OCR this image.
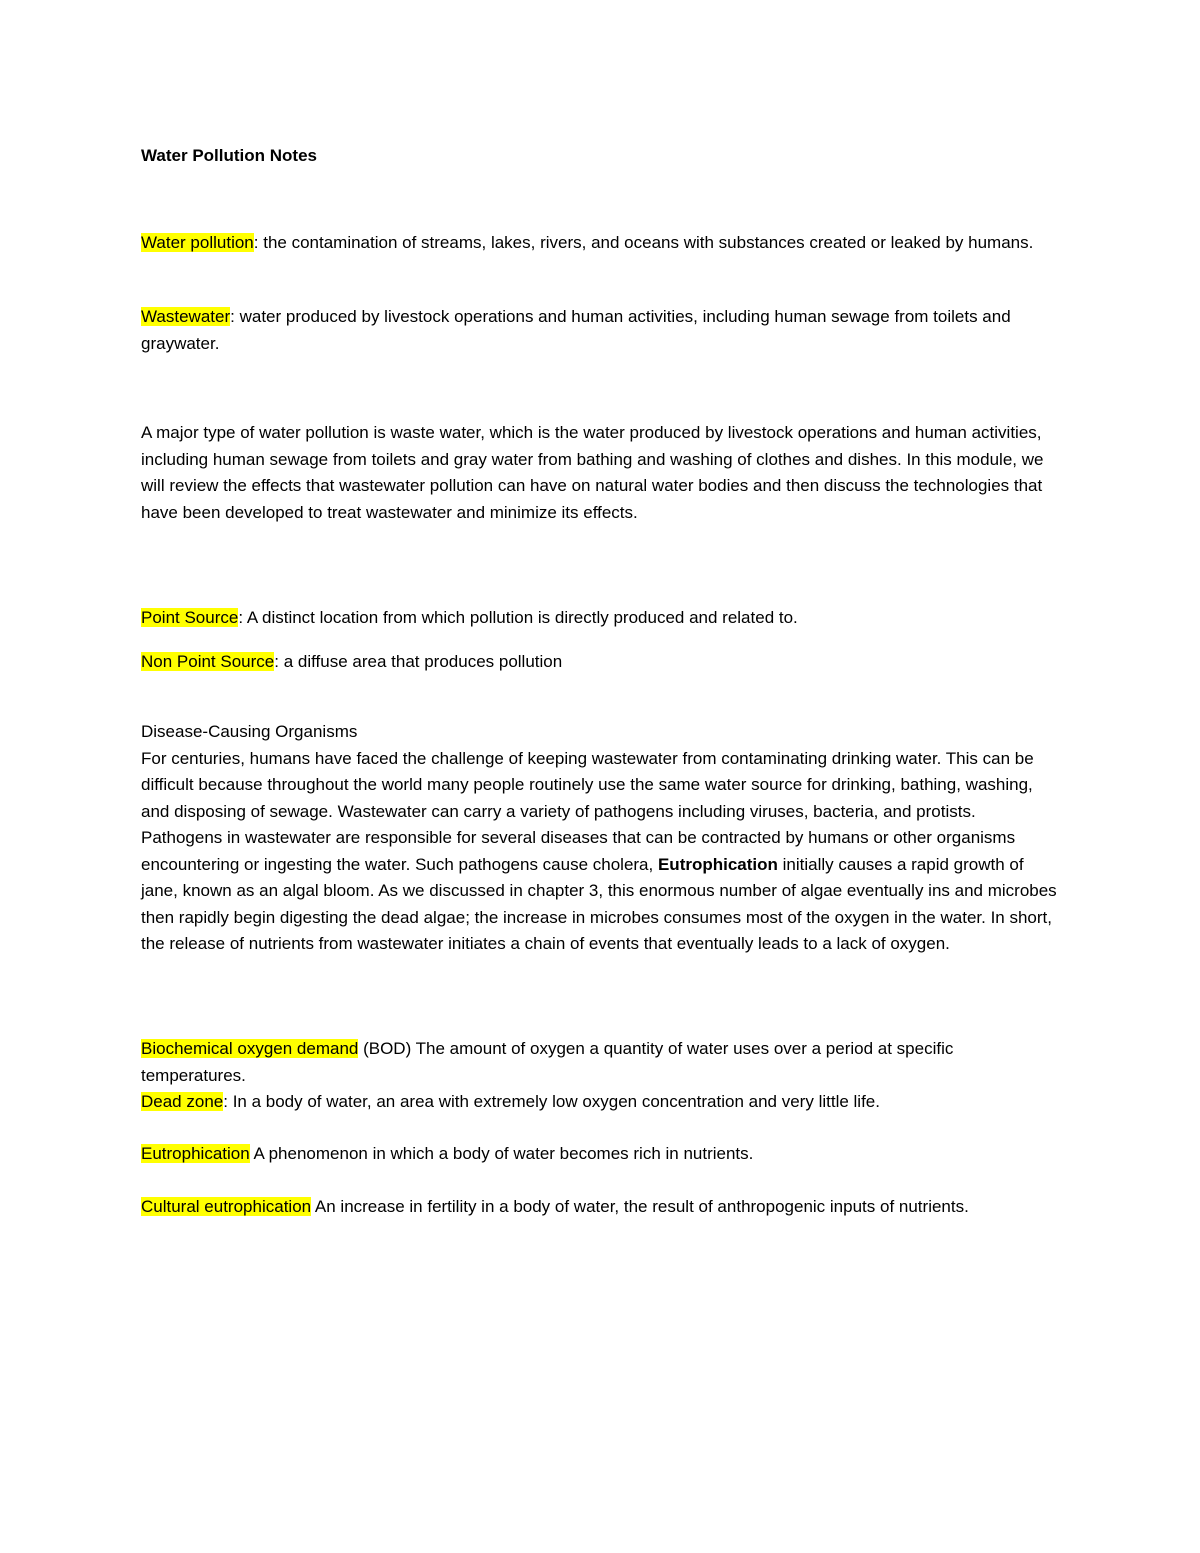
Water Pollution Notes

Water pollution: the contamination of streams, lakes, rivers, and oceans with substances created or leaked by humans.

Wastewater: water produced by livestock operations and human activities, including human sewage from toilets and graywater.

A major type of water pollution is waste water, which is the water produced by livestock operations and human activities, including human sewage from toilets and gray water from bathing and washing of clothes and dishes. In this module, we will review the effects that wastewater pollution can have on natural water bodies and then discuss the technologies that have been developed to treat wastewater and minimize its effects.

Point Source: A distinct location from which pollution is directly produced and related to.

Non Point Source: a diffuse area that produces pollution

Disease-Causing Organisms
For centuries, humans have faced the challenge of keeping wastewater from contaminating drinking water. This can be difficult because throughout the world many people routinely use the same water source for drinking, bathing, washing, and disposing of sewage. Wastewater can carry a variety of pathogens including viruses, bacteria, and protists. Pathogens in wastewater are responsible for several diseases that can be contracted by humans or other organisms encountering or ingesting the water. Such pathogens cause cholera, Eutrophication initially causes a rapid growth of jane, known as an algal bloom. As we discussed in chapter 3, this enormous number of algae eventually ins and microbes then rapidly begin digesting the dead algae; the increase in microbes consumes most of the oxygen in the water. In short, the release of nutrients from wastewater initiates a chain of events that eventually leads to a lack of oxygen.
Biochemical oxygen demand (BOD) The amount of oxygen a quantity of water uses over a period at specific temperatures.
Dead zone: In a body of water, an area with extremely low oxygen concentration and very little life.

Eutrophication A phenomenon in which a body of water becomes rich in nutrients.

Cultural eutrophication An increase in fertility in a body of water, the result of anthropogenic inputs of nutrients.
